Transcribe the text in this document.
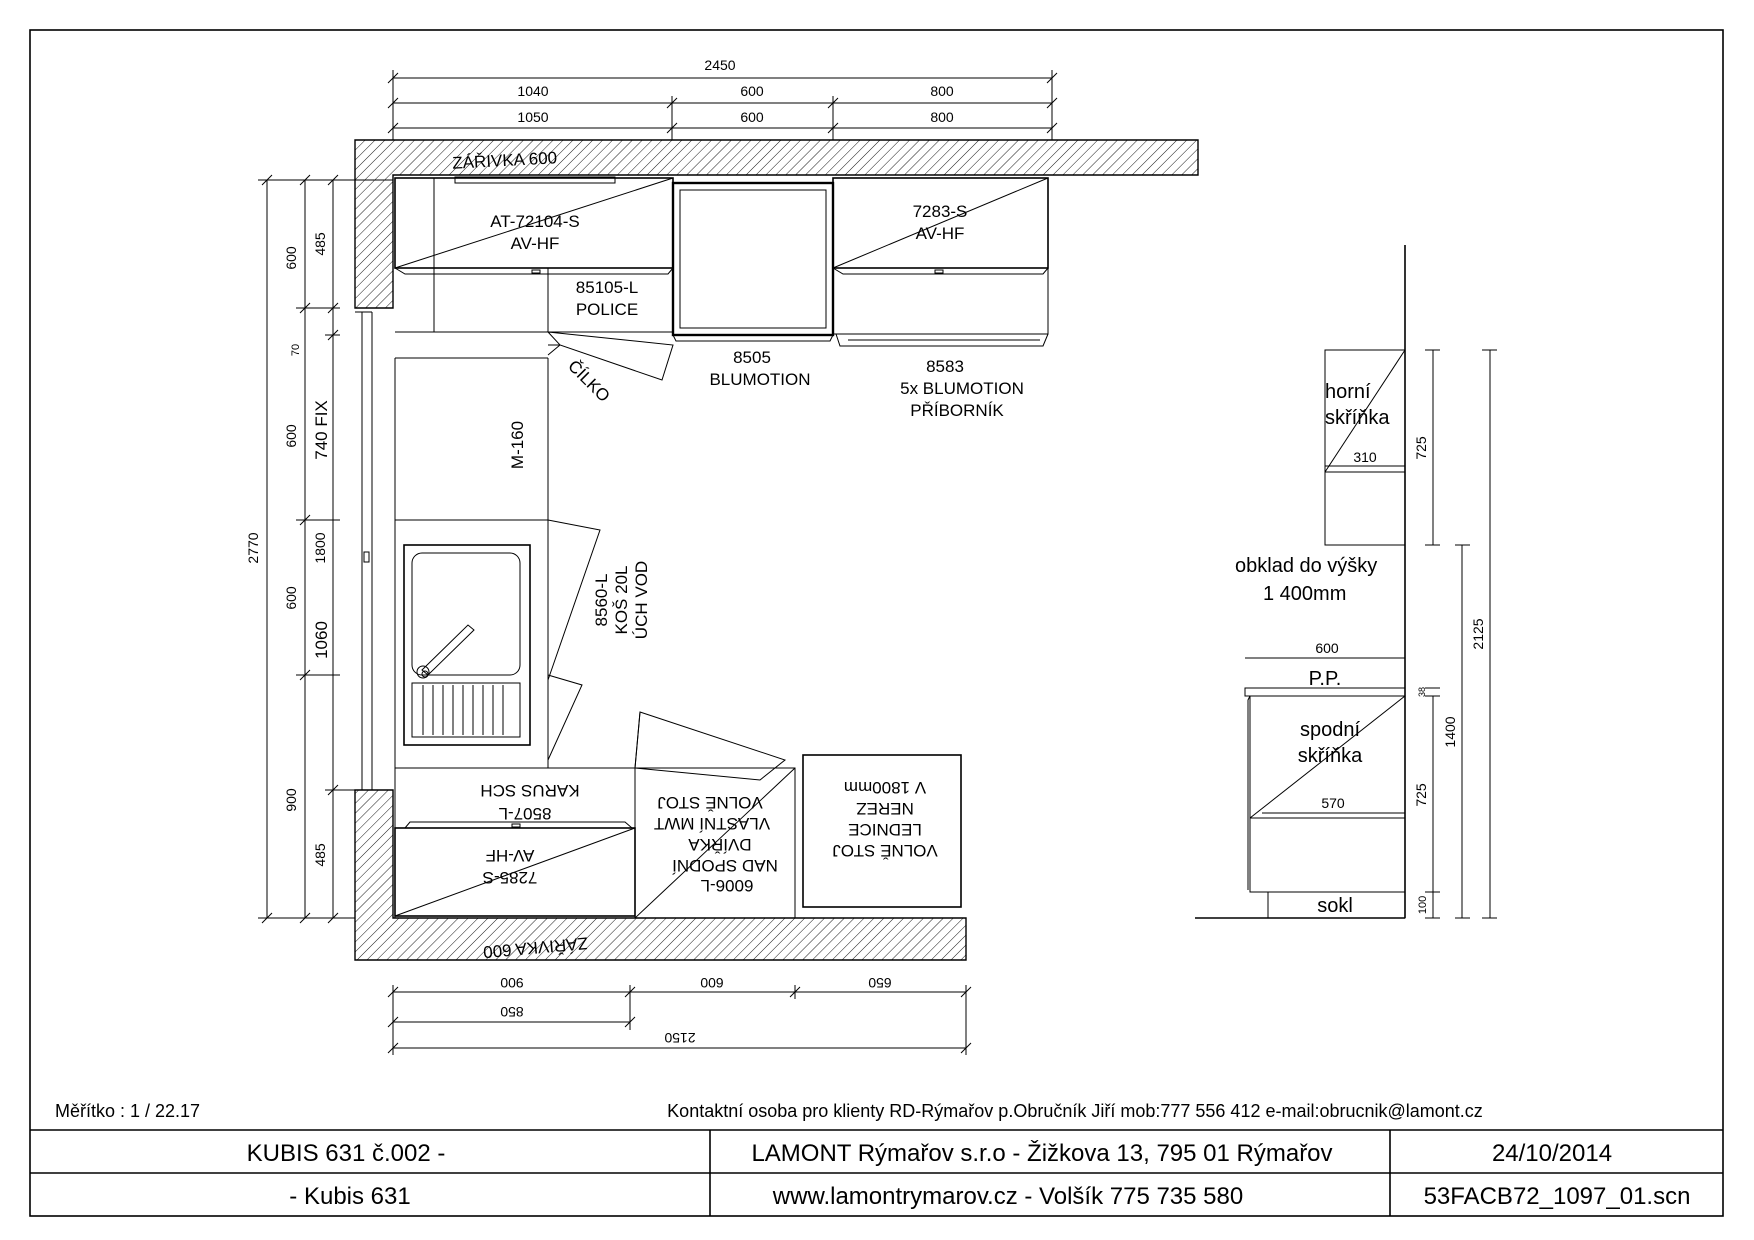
2450
1040	600	800
1050	600	800
2770
600
600
600
900
485
70
740 FIX
1800
1060
485
ZÁŘIVKA 600
AT-72104-S
AV-HF
85105-L
POLICE
7283-S
AV-HF
8505
BLUMOTION
8583
5x BLUMOTION
PŘÍBORNÍK
ČÍLKO
M-160
8560-L KOŠ 20L ÚCH VOD
KARUS SCH
8507-L
AV-HF
7285-S
ZÁŘIVKA 600
VOLNĚ STOJ
VLASTNÍ MWT
DVÍŘKA
NAD SPODNÍ
6006-L
V 1800mm
NEREZ
LEDNICE
VOLNĚ STOJ
900	600	650
850
2150
horní
skříňka
310
obklad do výšky
1 400mm
600
P.P.
spodní
skříňka
570
sokl
725
2125
1400
725
38
100
Měřítko : 1 / 22.17	Kontaktní osoba pro klienty RD-Rýmařov p.Obručník Jiří mob:777 556 412 e-mail:obrucnik@lamont.cz
KUBIS 631 č.002 -	LAMONT Rýmařov s.r.o - Žižkova 13, 795 01 Rýmařov	24/10/2014
- Kubis 631	www.lamontrymarov.cz - Volšík 775 735 580	53FACB72_1097_01.scn
